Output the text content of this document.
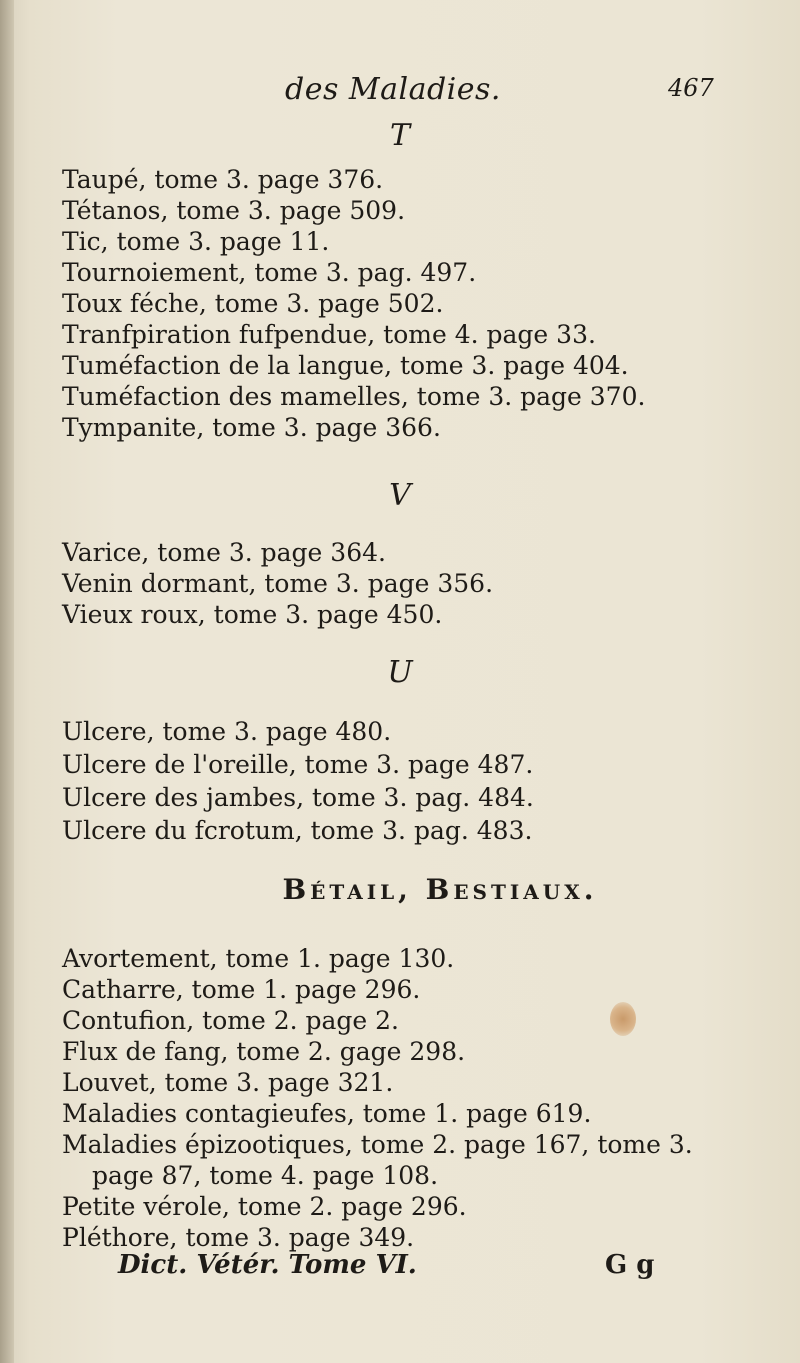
des Maladies.	467
T
Taupé, tome 3. page 376.
Tétanos, tome 3. page 509.
Tic, tome 3. page 11.
Tournoiement, tome 3. pag. 497.
Toux féche, tome 3. page 502.
Tranfpiration fufpendue, tome 4. page 33.
Tuméfaction de la langue, tome 3. page 404.
Tuméfaction des mamelles, tome 3. page 370.
Tympanite, tome 3. page 366.
V
Varice, tome 3. page 364.
Venin dormant, tome 3. page 356.
Vieux roux, tome 3. page 450.
U
Ulcere, tome 3. page 480.
Ulcere de l'oreille, tome 3. page 487.
Ulcere des jambes, tome 3. pag. 484.
Ulcere du fcrotum, tome 3. pag. 483.
Bétail, Bestiaux.
Avortement, tome 1. page 130.
Catharre, tome 1. page 296.
Contufion, tome 2. page 2.
Flux de fang, tome 2. gage 298.
Louvet, tome 3. page 321.
Maladies contagieufes, tome 1. page 619.
Maladies épizootiques, tome 2. page 167, tome 3.
page 87, tome 4. page 108.
Petite vérole, tome 2. page 296.
Pléthore, tome 3. page 349.
Dict. Vétér. Tome VI.	G g
